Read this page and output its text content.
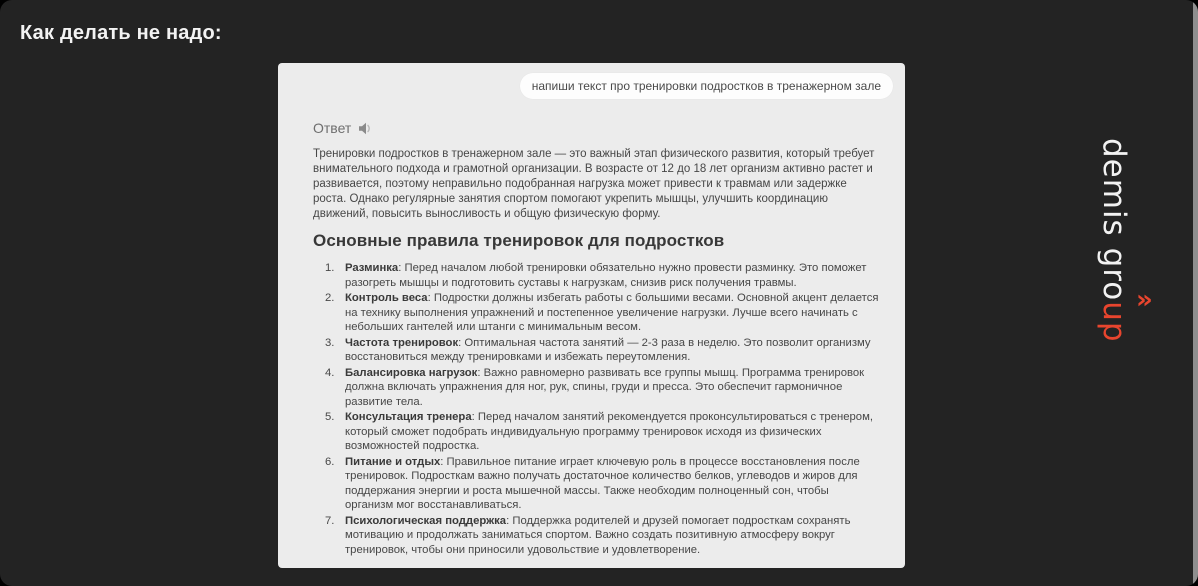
Как делать не надо:
напиши текст про тренировки подростков в тренажерном зале
Ответ

Тренировки подростков в тренажерном зале — это важный этап физического развития, который требует внимательного подхода и грамотной организации. В возрасте от 12 до 18 лет организм активно растет и развивается, поэтому неправильно подобранная нагрузка может привести к травмам или задержке роста. Однако регулярные занятия спортом помогают укрепить мышцы, улучшить координацию движений, повысить выносливость и общую физическую форму.

Основные правила тренировок для подростков
1. Разминка: Перед началом любой тренировки обязательно нужно провести разминку. Это поможет разогреть мышцы и подготовить суставы к нагрузкам, снизив риск получения травмы.
2. Контроль веса: Подростки должны избегать работы с большими весами. Основной акцент делается на технику выполнения упражнений и постепенное увеличение нагрузки. Лучше всего начинать с небольших гантелей или штанги с минимальным весом.
3. Частота тренировок: Оптимальная частота занятий — 2-3 раза в неделю. Это позволит организму восстановиться между тренировками и избежать переутомления.
4. Балансировка нагрузок: Важно равномерно развивать все группы мышц. Программа тренировок должна включать упражнения для ног, рук, спины, груди и пресса. Это обеспечит гармоничное развитие тела.
5. Консультация тренера: Перед началом занятий рекомендуется проконсультироваться с тренером, который сможет подобрать индивидуальную программу тренировок исходя из физических возможностей подростка.
6. Питание и отдых: Правильное питание играет ключевую роль в процессе восстановления после тренировок. Подросткам важно получать достаточное количество белков, углеводов и жиров для поддержания энергии и роста мышечной массы. Также необходим полноценный сон, чтобы организм мог восстанавливаться.
7. Психологическая поддержка: Поддержка родителей и друзей помогает подросткам сохранять мотивацию и продолжать заниматься спортом. Важно создать позитивную атмосферу вокруг тренировок, чтобы они приносили удовольствие и удовлетворение.
demis group
»
